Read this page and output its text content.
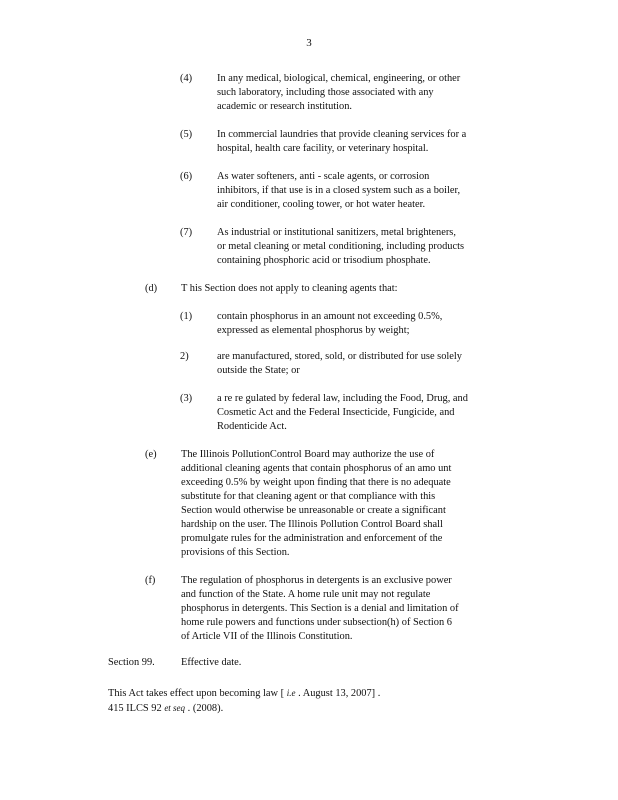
3
(4) In any medical, biological, chemical, engineering, or other
such laboratory, including those associated with any
academic or research institution.
(5) In commercial laundries that provide cleaning services for a
hospital, health care facility, or veterinary hospital.
(6) As water softeners, anti - scale agents, or corrosion
inhibitors, if that use is in a closed system such as a boiler,
air conditioner, cooling tower, or hot water heater.
(7) As industrial or institutional sanitizers, metal brighteners,
or metal cleaning or metal conditioning, including products
containing phosphoric acid or trisodium phosphate.
(d) T his Section does not apply to cleaning agents that:
(1) contain phosphorus in an amount not exceeding 0.5%,
expressed as elemental phosphorus by weight;
2)	are manufactured, stored, sold, or distributed for use solely
outside the State; or
(3) a re re gulated by federal law, including the Food, Drug, and
Cosmetic Act and the Federal Insecticide, Fungicide, and
Rodenticide Act.
(e) The Illinois PollutionControl Board may authorize the use of
additional cleaning agents that contain phosphorus of an amo unt
exceeding 0.5% by weight upon finding that there is no adequate
substitute for that cleaning agent or that compliance with this
Section would otherwise be unreasonable or create a significant
hardship on the user. The Illinois Pollution Control Board shall
promulgate rules for the administration and enforcement of the
provisions of this Section.
(f) The regulation of phosphorus in detergents is an exclusive power
and function of the State. A home rule unit may not regulate
phosphorus in detergents. This Section is a denial and limitation of
home rule powers and functions under subsection(h) of Section 6
of Article VII of the Illinois Constitution.
Section 99.	Effective date.
This Act takes effect upon becoming law [ i.e . August 13, 2007] .
415 ILCS 92 et seq . (2008).
